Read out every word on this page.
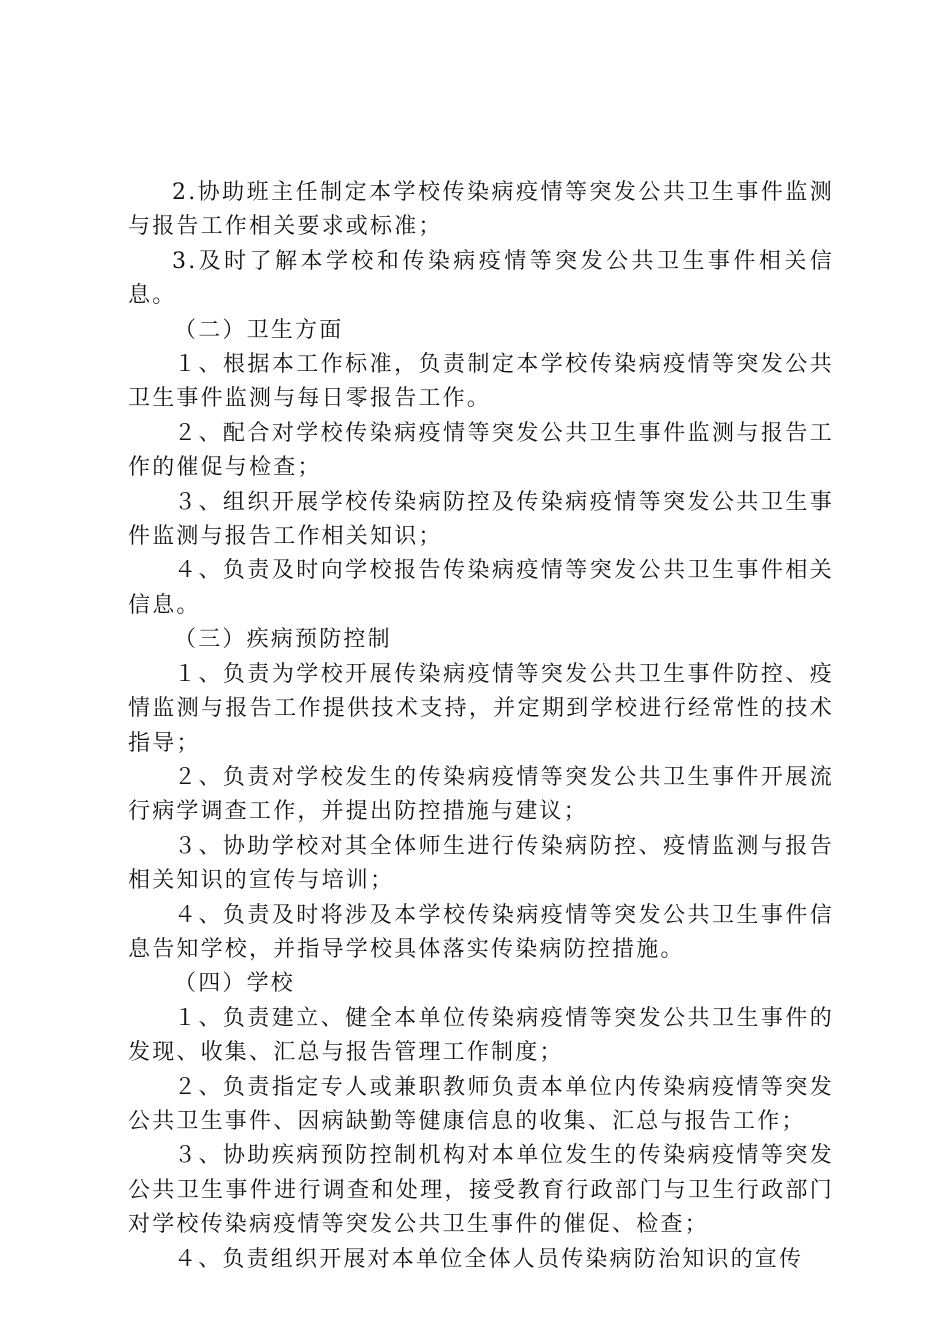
2.协助班主任制定本学校传染病疫情等突发公共卫生事件监测与报告工作相关要求或标准；

3.及时了解本学校和传染病疫情等突发公共卫生事件相关信息。

（二）卫生方面

１、根据本工作标准，负责制定本学校传染病疫情等突发公共卫生事件监测与每日零报告工作。

２、配合对学校传染病疫情等突发公共卫生事件监测与报告工作的催促与检查；

３、组织开展学校传染病防控及传染病疫情等突发公共卫生事件监测与报告工作相关知识；

４、负责及时向学校报告传染病疫情等突发公共卫生事件相关信息。

（三）疾病预防控制

１、负责为学校开展传染病疫情等突发公共卫生事件防控、疫情监测与报告工作提供技术支持，并定期到学校进行经常性的技术指导；

２、负责对学校发生的传染病疫情等突发公共卫生事件开展流行病学调查工作，并提出防控措施与建议；

３、协助学校对其全体师生进行传染病防控、疫情监测与报告相关知识的宣传与培训；

４、负责及时将涉及本学校传染病疫情等突发公共卫生事件信息告知学校，并指导学校具体落实传染病防控措施。

（四）学校

１、负责建立、健全本单位传染病疫情等突发公共卫生事件的发现、收集、汇总与报告管理工作制度；

２、负责指定专人或兼职教师负责本单位内传染病疫情等突发公共卫生事件、因病缺勤等健康信息的收集、汇总与报告工作；

３、协助疾病预防控制机构对本单位发生的传染病疫情等突发公共卫生事件进行调查和处理，接受教育行政部门与卫生行政部门对学校传染病疫情等突发公共卫生事件的催促、检查；

４、负责组织开展对本单位全体人员传染病防治知识的宣传
